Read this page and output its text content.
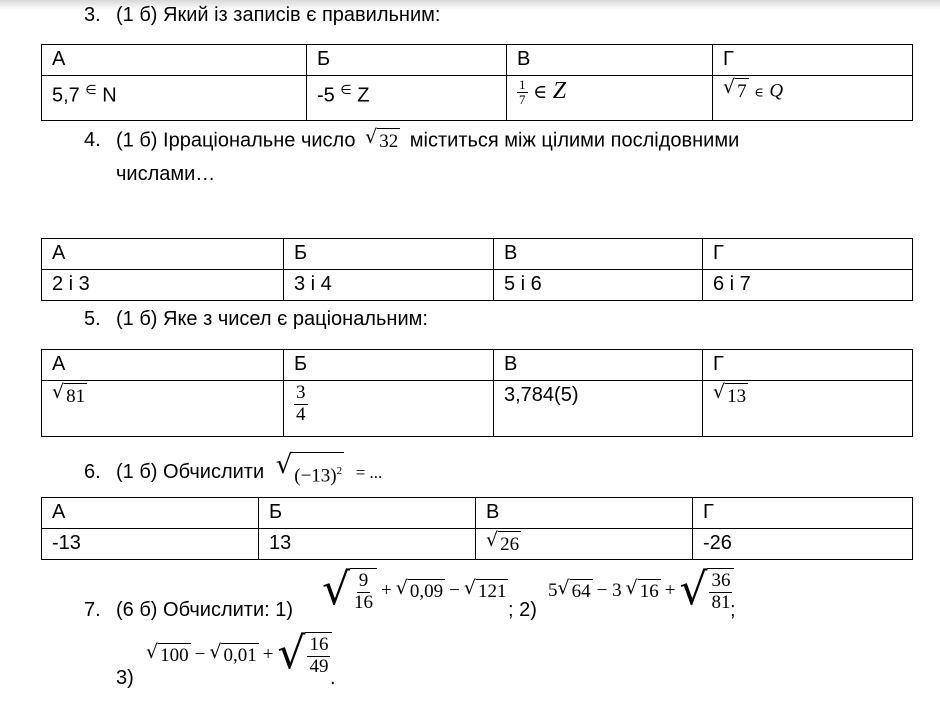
3. (1 б) Який із записів є правильним:
А	Б	В	Г
5,7 ∈ N	-5 ∈ Z	$\frac{1}{7}$ ∈ Z	√ 7 ∈ Q
4. (1 б) Ірраціональне число √ 32 міститься між цілими послідовними
числами…
А	Б	В	Г
2 і 3	3 і 4	5 і 6	6 і 7
5. (1 б) Яке з чисел є раціональним:
А	Б	В	Г

√ 81	$\frac{3}{4}$	3,784(5)	√ 13
6. (1 б) Обчислити √ $(-13)^2$ = ...
А	Б	В	Г
-13	13	√ 26	-26
7. (6 б) Обчислити: 1) √ $\frac{9}{16}$ + √ 0,09 − √ 121
; 2)
5 √ 64 − 3 √ 16 + √ $\frac{36}{81}$
;
3)
√ 100 − √ 0,01 + √ $\frac{16}{49}$
.
